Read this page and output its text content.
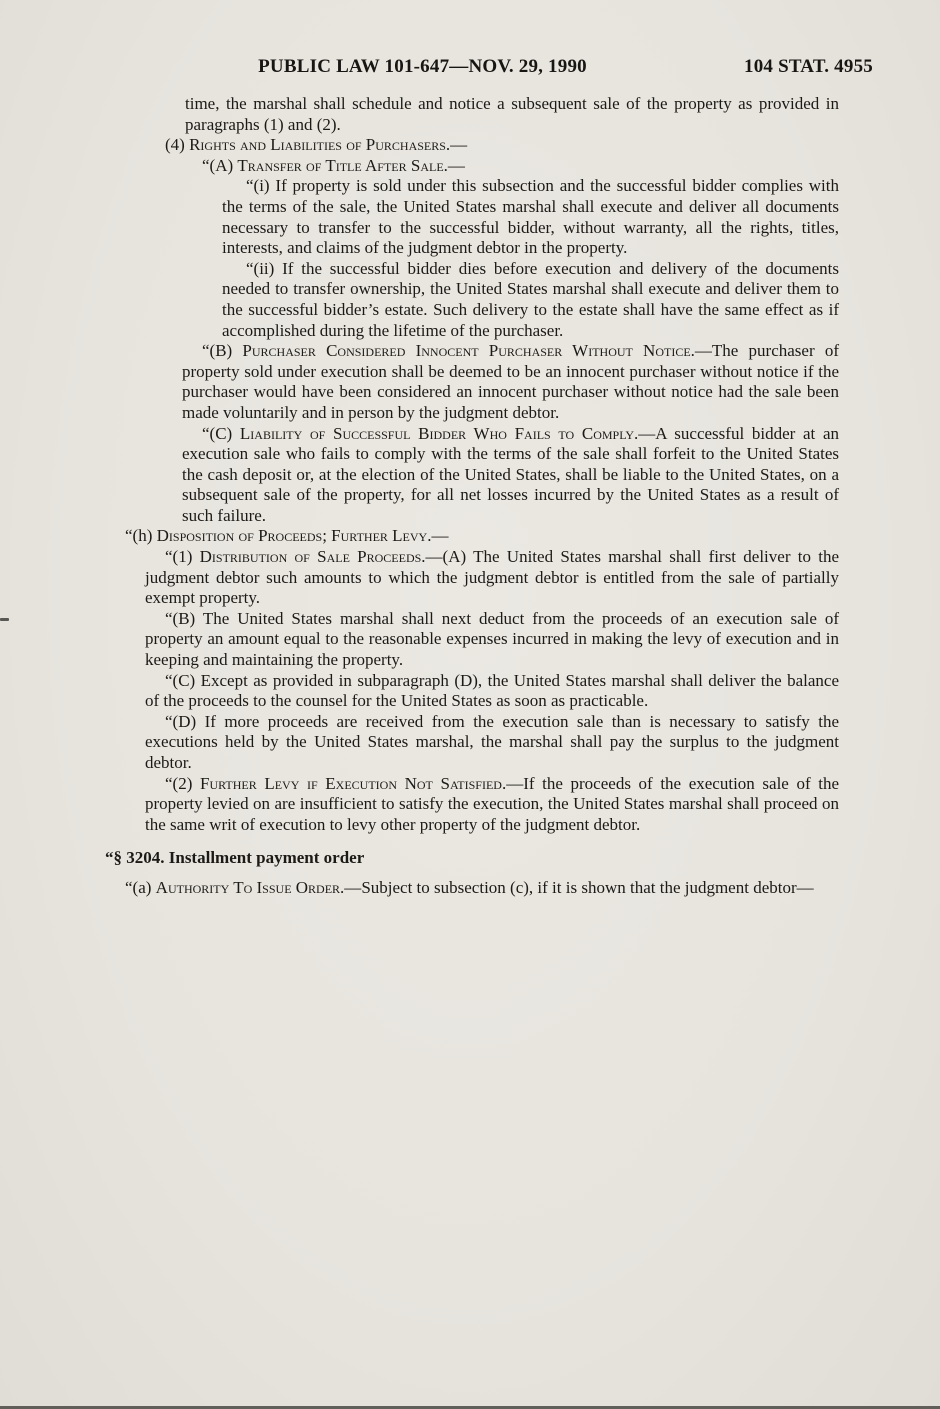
PUBLIC LAW 101-647—NOV. 29, 1990	104 STAT. 4955

time, the marshal shall schedule and notice a subsequent sale of the property as provided in paragraphs (1) and (2).

(4) Rights and Liabilities of Purchasers.—

“(A) Transfer of Title After Sale.—

“(i) If property is sold under this subsection and the successful bidder complies with the terms of the sale, the United States marshal shall execute and deliver all documents necessary to transfer to the successful bidder, without warranty, all the rights, titles, interests, and claims of the judgment debtor in the property.

“(ii) If the successful bidder dies before execution and delivery of the documents needed to transfer ownership, the United States marshal shall execute and deliver them to the successful bidder’s estate. Such delivery to the estate shall have the same effect as if accomplished during the lifetime of the purchaser.

“(B) Purchaser Considered Innocent Purchaser Without Notice.—The purchaser of property sold under execution shall be deemed to be an innocent purchaser without notice if the purchaser would have been considered an innocent purchaser without notice had the sale been made voluntarily and in person by the judgment debtor.

“(C) Liability of Successful Bidder Who Fails to Comply.—A successful bidder at an execution sale who fails to comply with the terms of the sale shall forfeit to the United States the cash deposit or, at the election of the United States, shall be liable to the United States, on a subsequent sale of the property, for all net losses incurred by the United States as a result of such failure.

“(h) Disposition of Proceeds; Further Levy.—

“(1) Distribution of Sale Proceeds.—(A) The United States marshal shall first deliver to the judgment debtor such amounts to which the judgment debtor is entitled from the sale of partially exempt property.

“(B) The United States marshal shall next deduct from the proceeds of an execution sale of property an amount equal to the reasonable expenses incurred in making the levy of execution and in keeping and maintaining the property.

“(C) Except as provided in subparagraph (D), the United States marshal shall deliver the balance of the proceeds to the counsel for the United States as soon as practicable.

“(D) If more proceeds are received from the execution sale than is necessary to satisfy the executions held by the United States marshal, the marshal shall pay the surplus to the judgment debtor.

“(2) Further Levy if Execution Not Satisfied.—If the proceeds of the execution sale of the property levied on are insufficient to satisfy the execution, the United States marshal shall proceed on the same writ of execution to levy other property of the judgment debtor.

“§ 3204. Installment payment order

“(a) Authority To Issue Order.—Subject to subsection (c), if it is shown that the judgment debtor—
